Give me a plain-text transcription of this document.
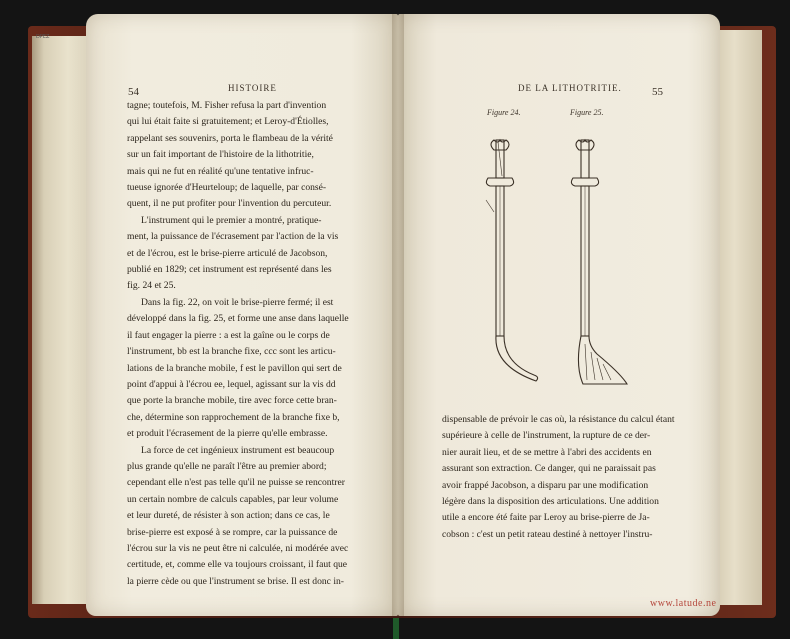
DPEZ
54	HISTOIRE
tagne; toutefois, M. Fisher refusa la part d'invention
qui lui était faite si gratuitement; et Leroy-d'Étiolles,
rappelant ses souvenirs, porta le flambeau de la vérité
sur un fait important de l'histoire de la lithotritie,
mais qui ne fut en réalité qu'une tentative infruc-
tueuse ignorée d'Heurteloup; de laquelle, par consé-
quent, il ne put profiter pour l'invention du percuteur.
L'instrument qui le premier a montré, pratique-
ment, la puissance de l'écrasement par l'action de la vis
et de l'écrou, est le brise-pierre articulé de Jacobson,
publié en 1829; cet instrument est représenté dans les
fig. 24 et 25.
Dans la fig. 22, on voit le brise-pierre fermé; il est
développé dans la fig. 25, et forme une anse dans laquelle
il faut engager la pierre : a est la gaîne ou le corps de
l'instrument, bb est la branche fixe, ccc sont les articu-
lations de la branche mobile, f est le pavillon qui sert de
point d'appui à l'écrou ee, lequel, agissant sur la vis dd
que porte la branche mobile, tire avec force cette bran-
che, détermine son rapprochement de la branche fixe b,
et produit l'écrasement de la pierre qu'elle embrasse.
La force de cet ingénieux instrument est beaucoup
plus grande qu'elle ne paraît l'être au premier abord;
cependant elle n'est pas telle qu'il ne puisse se rencontrer
un certain nombre de calculs capables, par leur volume
et leur dureté, de résister à son action; dans ce cas, le
brise-pierre est exposé à se rompre, car la puissance de
l'écrou sur la vis ne peut être ni calculée, ni modérée avec
certitude, et, comme elle va toujours croissant, il faut que
la pierre cède ou que l'instrument se brise. Il est donc in-
DE LA LITHOTRITIE.	55
Figure 24.	Figure 25.
dispensable de prévoir le cas où, la résistance du calcul étant
supérieure à celle de l'instrument, la rupture de ce der-
nier aurait lieu, et de se mettre à l'abri des accidents en
assurant son extraction. Ce danger, qui ne paraissait pas
avoir frappé Jacobson, a disparu par une modification
légère dans la disposition des articulations. Une addition
utile a encore été faite par Leroy au brise-pierre de Ja-
cobson : c'est un petit rateau destiné à nettoyer l'instru-
www.latude.ne
